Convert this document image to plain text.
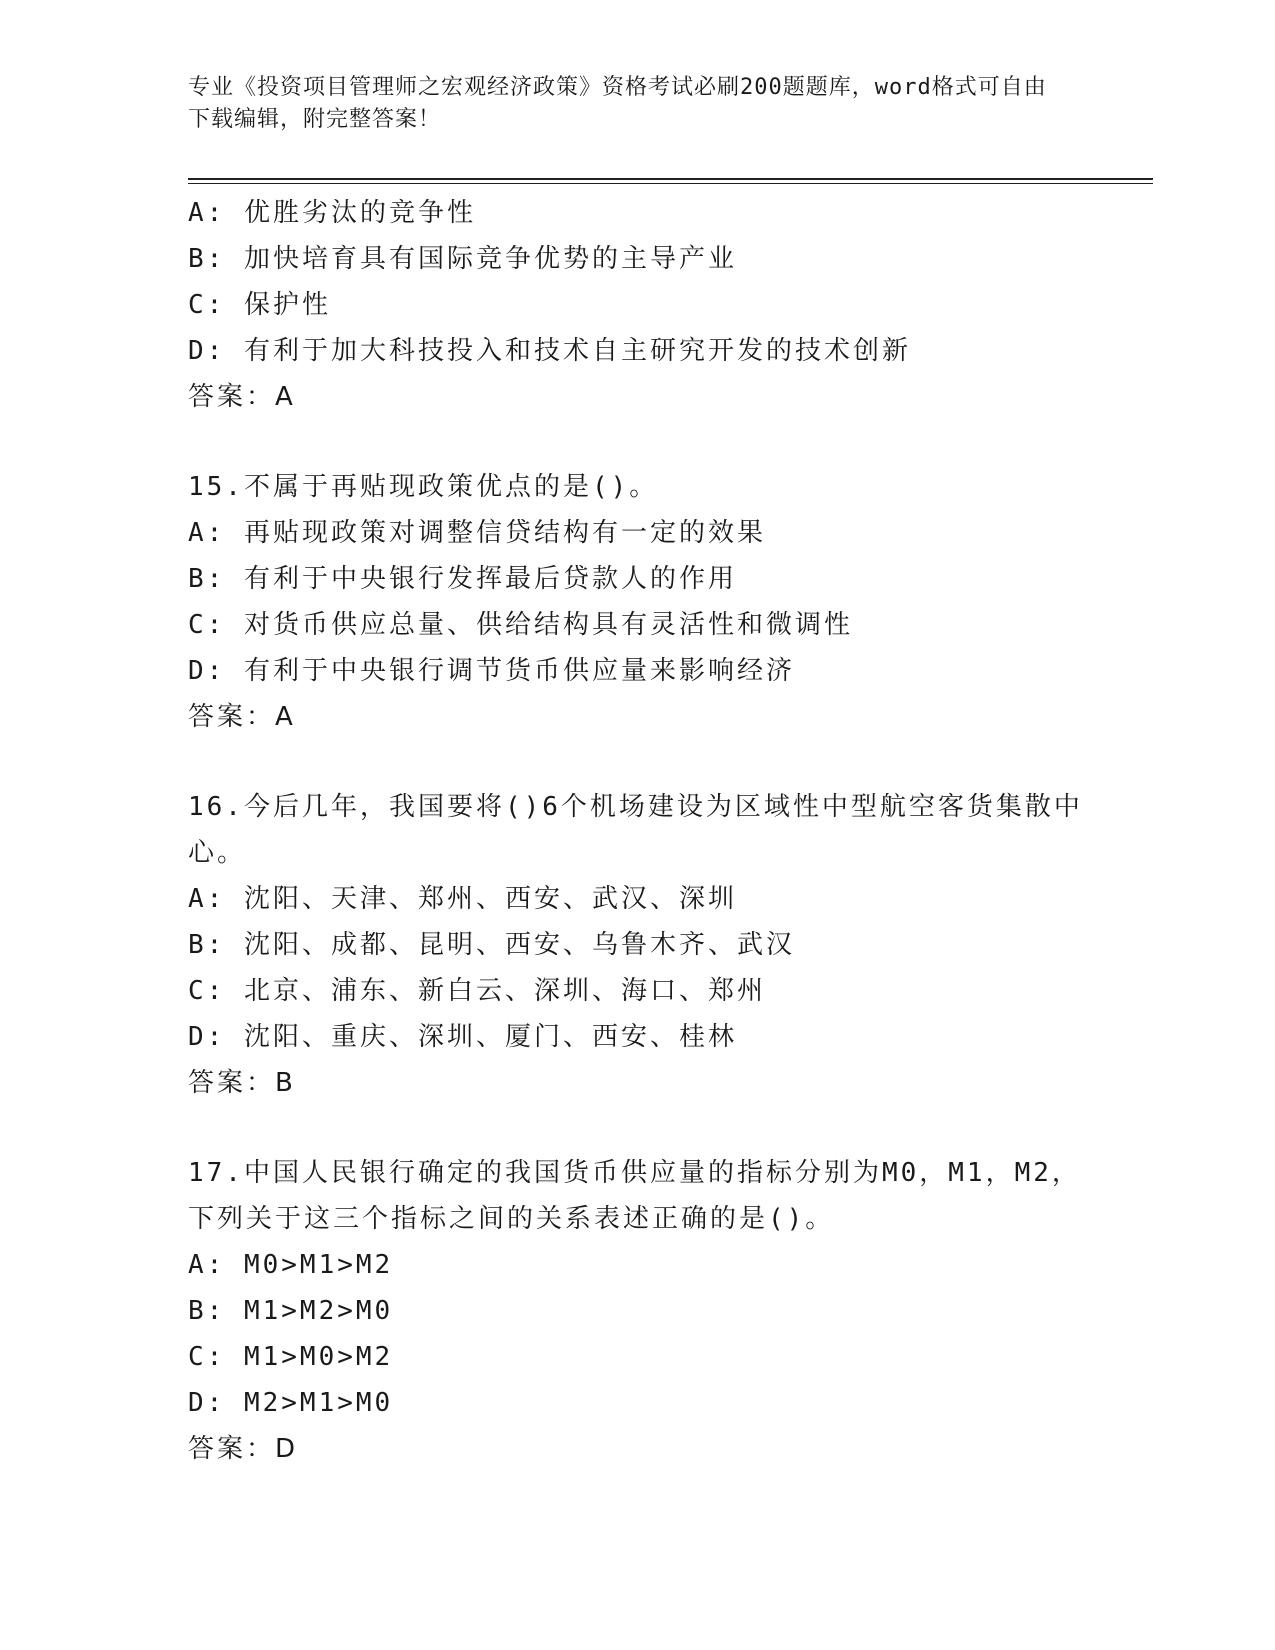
专业《投资项目管理师之宏观经济政策》资格考试必刷200题题库，word格式可自由下载编辑，附完整答案！
A: 优胜劣汰的竞争性
B: 加快培育具有国际竞争优势的主导产业
C: 保护性
D: 有利于加大科技投入和技术自主研究开发的技术创新
答案：A
15.不属于再贴现政策优点的是()。
A: 再贴现政策对调整信贷结构有一定的效果
B: 有利于中央银行发挥最后贷款人的作用
C: 对货币供应总量、供给结构具有灵活性和微调性
D: 有利于中央银行调节货币供应量来影响经济
答案：A
16.今后几年，我国要将()6个机场建设为区域性中型航空客货集散中心。
A: 沈阳、天津、郑州、西安、武汉、深圳
B: 沈阳、成都、昆明、西安、乌鲁木齐、武汉
C: 北京、浦东、新白云、深圳、海口、郑州
D: 沈阳、重庆、深圳、厦门、西安、桂林
答案：B
17.中国人民银行确定的我国货币供应量的指标分别为M0，M1，M2，下列关于这三个指标之间的关系表述正确的是()。
A: M0>M1>M2
B: M1>M2>M0
C: M1>M0>M2
D: M2>M1>M0
答案：D
